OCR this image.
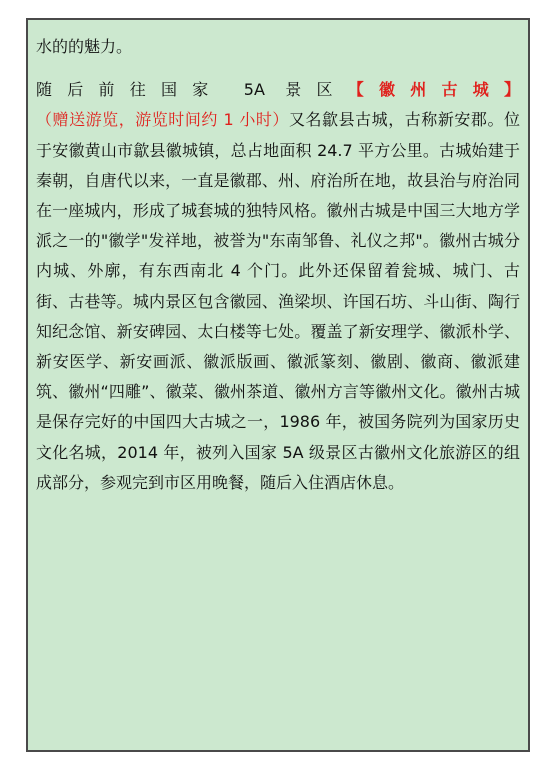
水的的魅力。

随后前往国家 5A 景区【徽州古城】（赠送游览，游览时间约 1 小时）又名歙县古城，古称新安郡。位于安徽黄山市歙县徽城镇，总占地面积 24.7 平方公里。古城始建于秦朝，自唐代以来，一直是徽郡、州、府治所在地，故县治与府治同在一座城内，形成了城套城的独特风格。徽州古城是中国三大地方学派之一的"徽学"发祥地，被誉为"东南邹鲁、礼仪之邦"。徽州古城分内城、外廓，有东西南北 4 个门。此外还保留着瓮城、城门、古街、古巷等。城内景区包含徽园、渔梁坝、许国石坊、斗山街、陶行知纪念馆、新安碑园、太白楼等七处。覆盖了新安理学、徽派朴学、新安医学、新安画派、徽派版画、徽派篆刻、徽剧、徽商、徽派建筑、徽州“四雕”、徽菜、徽州茶道、徽州方言等徽州文化。徽州古城是保存完好的中国四大古城之一，1986 年，被国务院列为国家历史文化名城，2014 年，被列入国家 5A 级景区古徽州文化旅游区的组成部分，参观完到市区用晚餐，随后入住酒店休息。
